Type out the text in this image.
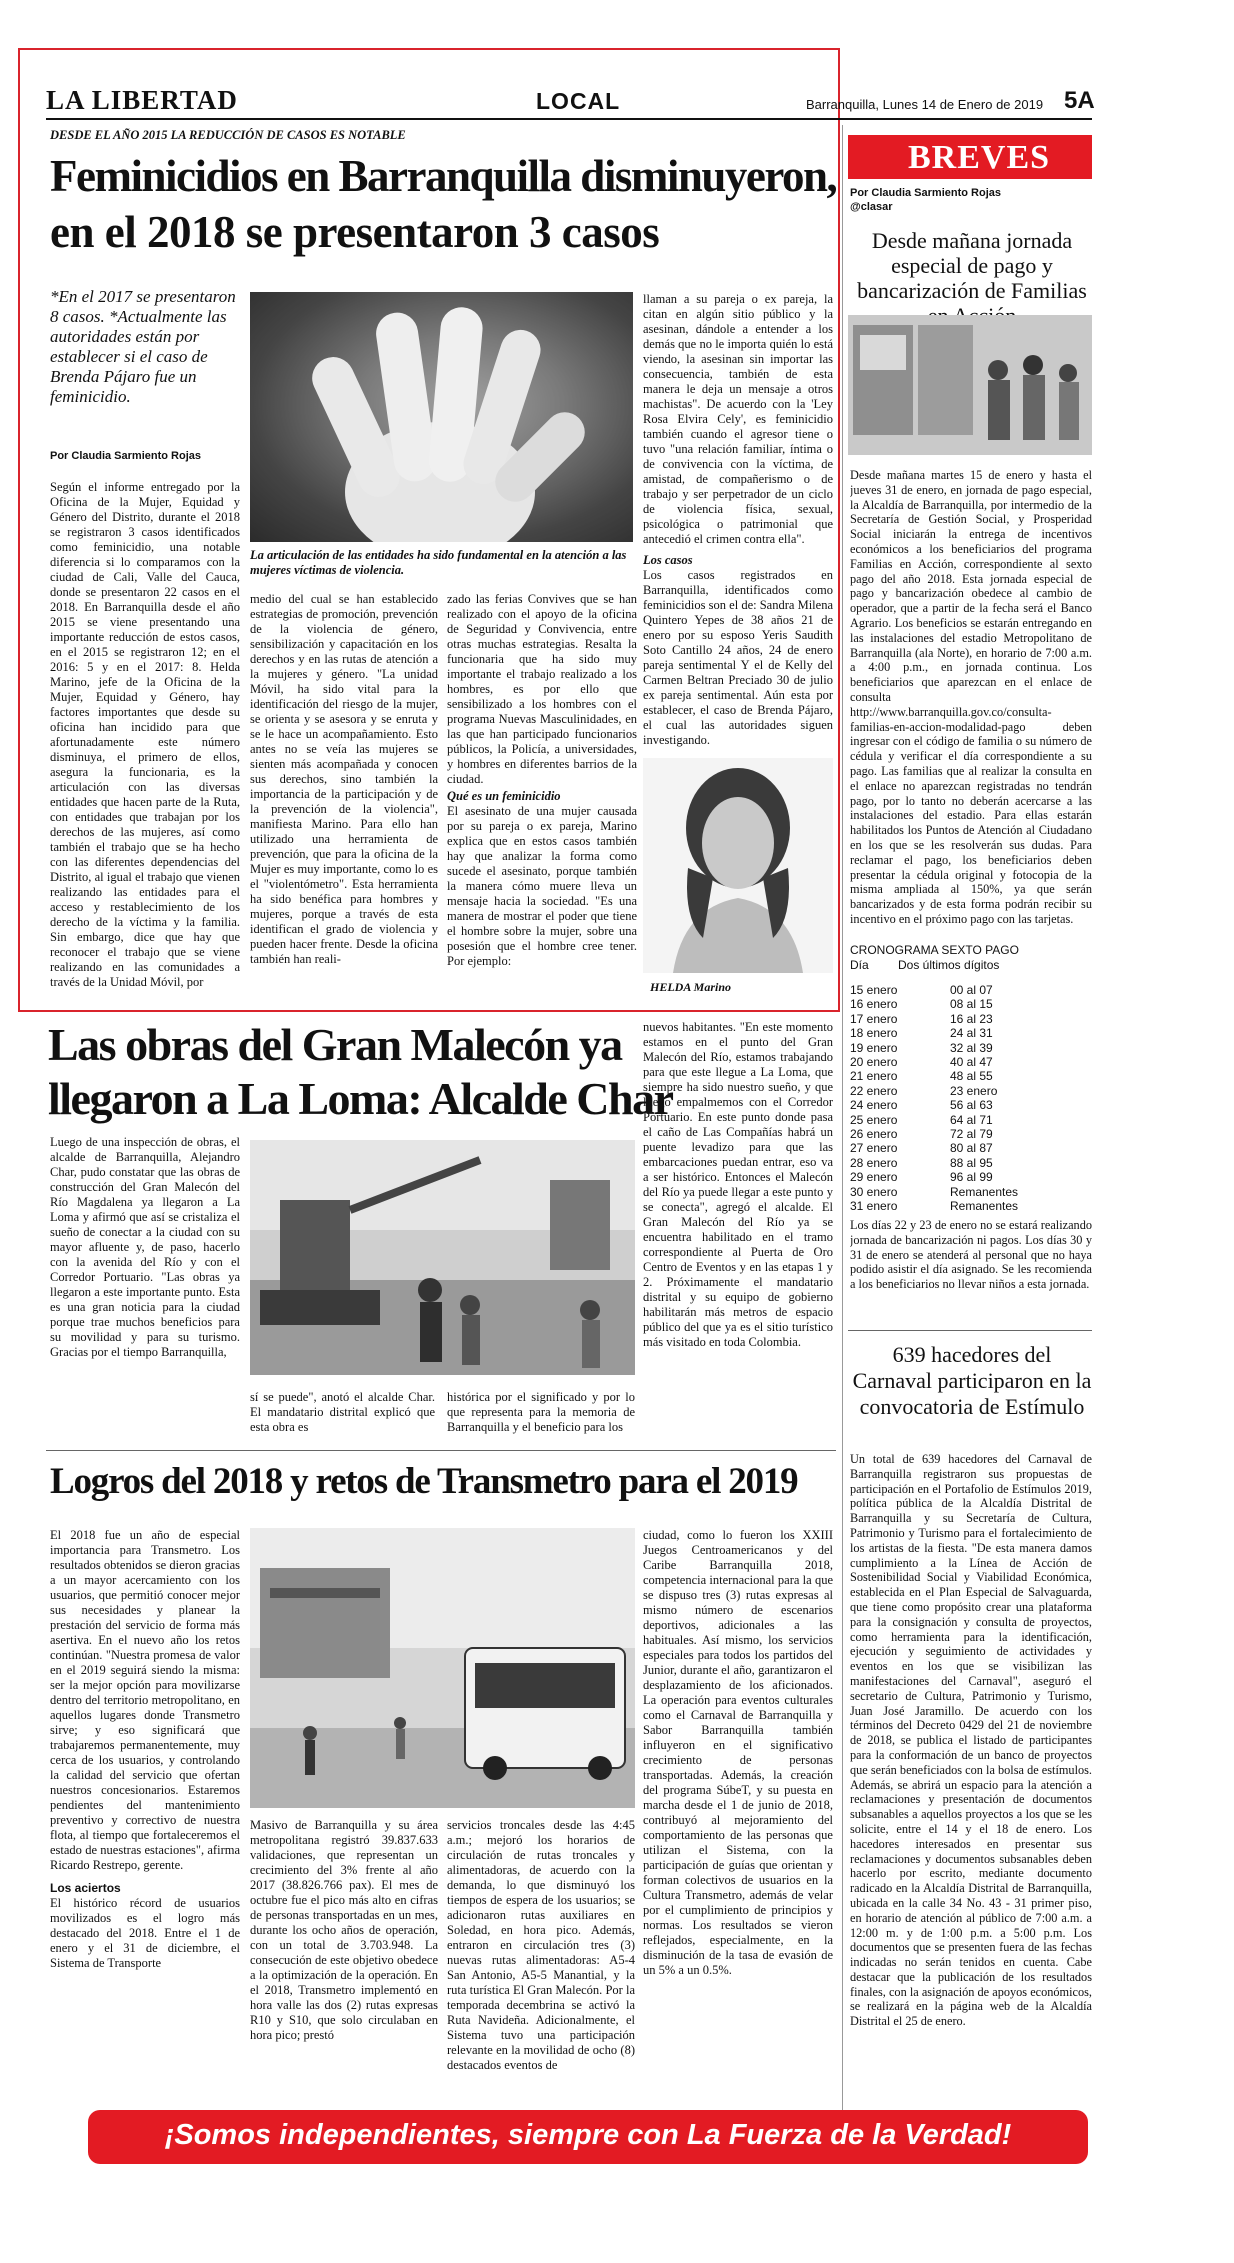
LA LIBERTAD	LOCAL	Barranquilla, Lunes 14 de Enero de 2019 5A
DESDE EL AÑO 2015 LA REDUCCIÓN DE CASOS ES NOTABLE
Feminicidios en Barranquilla disminuyeron,
en el 2018 se presentaron 3 casos
*En el 2017 se presentaron 8 casos. *Actualmente las autoridades están por establecer si el caso de Brenda Pájaro fue un feminicidio.
Por Claudia Sarmiento Rojas
La articulación de las entidades ha sido fundamental en la atención a las mujeres víctimas de violencia.
Según el informe entregado por la Oficina de la Mujer, Equidad y Género del Distrito, durante el 2018 se registraron 3 casos identificados como feminicidio, una notable diferencia si lo comparamos con la ciudad de Cali, Valle del Cauca, donde se presentaron 22 casos en el 2018. En Barranquilla desde el año 2015 se viene presentando una importante reducción de estos casos, en el 2015 se registraron 12; en el 2016: 5 y en el 2017: 8. Helda Marino, jefe de la Oficina de la Mujer, Equidad y Género, hay factores importantes que desde su oficina han incidido para que afortunadamente este número disminuya, el primero de ellos, asegura la funcionaria, es la articulación con las diversas entidades que hacen parte de la Ruta, con entidades que trabajan por los derechos de las mujeres, así como también el trabajo que se ha hecho con las diferentes dependencias del Distrito, al igual el trabajo que vienen realizando las entidades para el acceso y restablecimiento de los derecho de la víctima y la familia. Sin embargo, dice que hay que reconocer el trabajo que se viene realizando en las comunidades a través de la Unidad Móvil, por
medio del cual se han establecido estrategias de promoción, prevención de la violencia de género, sensibilización y capacitación en los derechos y en las rutas de atención a la mujeres y género. "La unidad Móvil, ha sido vital para la identificación del riesgo de la mujer, se orienta y se asesora y se enruta y se le hace un acompañamiento. Esto antes no se veía las mujeres se sienten más acompañada y conocen sus derechos, sino también la importancia de la participación y de la prevención de la violencia", manifiesta Marino. Para ello han utilizado una herramienta de prevención, que para la oficina de la Mujer es muy importante, como lo es el "violentómetro". Esta herramienta ha sido benéfica para hombres y mujeres, porque a través de esta identifican el grado de violencia y pueden hacer frente. Desde la oficina también han reali-

zado las ferias Convives que se han realizado con el apoyo de la oficina de Seguridad y Convivencia, entre otras muchas estrategias. Resalta la funcionaria que ha sido muy importante el trabajo realizado a los hombres, es por ello que sensibilizado a los hombres con el programa Nuevas Masculinidades, en las que han participado funcionarios públicos, la Policía, a universidades, y hombres en diferentes barrios de la ciudad.

Qué es un feminicidio

El asesinato de una mujer causada por su pareja o ex pareja, Marino explica que en estos casos también hay que analizar la forma como sucede el asesinato, porque también la manera cómo muere lleva un mensaje hacia la sociedad. "Es una manera de mostrar el poder que tiene el hombre sobre la mujer, sobre una posesión que el hombre cree tener. Por ejemplo:

llaman a su pareja o ex pareja, la citan en algún sitio público y la asesinan, dándole a entender a los demás que no le importa quién lo está viendo, la asesinan sin importar las consecuencia, también de esta manera le deja un mensaje a otros machistas". De acuerdo con la 'Ley Rosa Elvira Cely', es feminicidio también cuando el agresor tiene o tuvo "una relación familiar, íntima o de convivencia con la víctima, de amistad, de compañerismo o de trabajo y ser perpetrador de un ciclo de violencia física, sexual, psicológica o patrimonial que antecedió el crimen contra ella".

Los casos

Los casos registrados en Barranquilla, identificados como feminicidios son el de: Sandra Milena Quintero Yepes de 38 años 21 de enero por su esposo Yeris Saudith Soto Cantillo 24 años, 24 de enero pareja sentimental Y el de Kelly del Carmen Beltran Preciado 30 de julio ex pareja sentimental. Aún esta por establecer, el caso de Brenda Pájaro, el cual las autoridades siguen investigando.

HELDA Marino
Las obras del Gran Malecón ya
llegaron a La Loma: Alcalde Char
Luego de una inspección de obras, el alcalde de Barranquilla, Alejandro Char, pudo constatar que las obras de construcción del Gran Malecón del Río Magdalena ya llegaron a La Loma y afirmó que así se cristaliza el sueño de conectar a la ciudad con su mayor afluente y, de paso, hacerlo con la avenida del Río y con el Corredor Portuario. "Las obras ya llegaron a este importante punto. Esta es una gran noticia para la ciudad porque trae muchos beneficios para su movilidad y para su turismo. Gracias por el tiempo Barranquilla,
sí se puede", anotó el alcalde Char. El mandatario distrital explicó que esta obra es
histórica por el significado y por lo que representa para la memoria de Barranquilla y el beneficio para los
nuevos habitantes. "En este momento estamos en el punto del Gran Malecón del Río, estamos trabajando para que este llegue a La Loma, que siempre ha sido nuestro sueño, y que luego empalmemos con el Corredor Portuario. En este punto donde pasa el caño de Las Compañías habrá un puente levadizo para que las embarcaciones puedan entrar, eso va a ser histórico. Entonces el Malecón del Río ya puede llegar a este punto y se conecta", agregó el alcalde. El Gran Malecón del Río ya se encuentra habilitado en el tramo correspondiente al Puerta de Oro Centro de Eventos y en las etapas 1 y 2. Próximamente el mandatario distrital y su equipo de gobierno habilitarán más metros de espacio público del que ya es el sitio turístico más visitado en toda Colombia.
Logros del 2018 y retos de Transmetro para el 2019

El 2018 fue un año de especial importancia para Transmetro. Los resultados obtenidos se dieron gracias a un mayor acercamiento con los usuarios, que permitió conocer mejor sus necesidades y planear la prestación del servicio de forma más asertiva. En el nuevo año los retos continúan. "Nuestra promesa de valor en el 2019 seguirá siendo la misma: ser la mejor opción para movilizarse dentro del territorio metropolitano, en aquellos lugares donde Transmetro sirve; y eso significará que trabajaremos permanentemente, muy cerca de los usuarios, y controlando la calidad del servicio que ofertan nuestros concesionarios. Estaremos pendientes del mantenimiento preventivo y correctivo de nuestra flota, al tiempo que fortaleceremos el estado de nuestras estaciones", afirma Ricardo Restrepo, gerente.

Los aciertos

El histórico récord de usuarios movilizados es el logro más destacado del 2018. Entre el 1 de enero y el 31 de diciembre, el Sistema de Transporte

Masivo de Barranquilla y su área metropolitana registró 39.837.633 validaciones, que representan un crecimiento del 3% frente al año 2017 (38.826.766 pax). El mes de octubre fue el pico más alto en cifras de personas transportadas en un mes, durante los ocho años de operación, con un total de 3.703.948. La consecución de este objetivo obedece a la optimización de la operación. En el 2018, Transmetro implementó en hora valle las dos (2) rutas expresas R10 y S10, que solo circulaban en hora pico; prestó
servicios troncales desde las 4:45 a.m.; mejoró los horarios de circulación de rutas troncales y alimentadoras, de acuerdo con la demanda, lo que disminuyó los tiempos de espera de los usuarios; se adicionaron rutas auxiliares en Soledad, en hora pico. Además, entraron en circulación tres (3) nuevas rutas alimentadoras: A5-4 San Antonio, A5-5 Manantial, y la ruta turística El Gran Malecón. Por la temporada decembrina se activó la Ruta Navideña. Adicionalmente, el Sistema tuvo una participación relevante en la movilidad de ocho (8) destacados eventos de
ciudad, como lo fueron los XXIII Juegos Centroamericanos y del Caribe Barranquilla 2018, competencia internacional para la que se dispuso tres (3) rutas expresas al mismo número de escenarios deportivos, adicionales a las habituales. Así mismo, los servicios especiales para todos los partidos del Junior, durante el año, garantizaron el desplazamiento de los aficionados. La operación para eventos culturales como el Carnaval de Barranquilla y Sabor Barranquilla también influyeron en el significativo crecimiento de personas transportadas. Además, la creación del programa SúbeT, y su puesta en marcha desde el 1 de junio de 2018, contribuyó al mejoramiento del comportamiento de las personas que utilizan el Sistema, con la participación de guías que orientan y forman colectivos de usuarios en la Cultura Transmetro, además de velar por el cumplimiento de principios y normas. Los resultados se vieron reflejados, especialmente, en la disminución de la tasa de evasión de un 5% a un 0.5%.
BREVES
Por Claudia Sarmiento Rojas
@clasar
Desde mañana jornada especial de pago y bancarización de Familias
Desde mañana martes 15 de enero y hasta el jueves 31 de enero, en jornada de pago especial, la Alcaldía de Barranquilla, por intermedio de la Secretaría de Gestión Social, y Prosperidad Social iniciarán la entrega de incentivos económicos a los beneficiarios del programa Familias en Acción, correspondiente al sexto pago del año 2018. Esta jornada especial de pago y bancarización obedece al cambio de operador, que a partir de la fecha será el Banco Agrario. Los beneficios se estarán entregando en las instalaciones del estadio Metropolitano de Barranquilla (ala Norte), en horario de 7:00 a.m. a 4:00 p.m., en jornada continua. Los beneficiarios que aparezcan en el enlace de consulta http://www.barranquilla.gov.co/consulta-familias-en-accion-modalidad-pago deben ingresar con el código de familia o su número de cédula y verificar el día correspondiente a su pago. Las familias que al realizar la consulta en el enlace no aparezcan registradas no tendrán pago, por lo tanto no deberán acercarse a las instalaciones del estadio. Para ellas estarán habilitados los Puntos de Atención al Ciudadano en los que se les resolverán sus dudas. Para reclamar el pago, los beneficiarios deben presentar la cédula original y fotocopia de la misma ampliada al 150%, ya que serán bancarizados y de esta forma podrán recibir su incentivo en el próximo pago con las tarjetas.
CRONOGRAMA SEXTO PAGO
Día Dos últimos dígitos
15 enero	00 al 07
16 enero	08 al 15
17 enero	16 al 23
18 enero	24 al 31
19 enero	32 al 39
20 enero	40 al 47
21 enero	48 al 55
22 enero	23 enero
24 enero	56 al 63
25 enero	64 al 71
26 enero	72 al 79
27 enero	80 al 87
28 enero	88 al 95
29 enero	96 al 99
30 enero	Remanentes
31 enero	Remanentes
Los días 22 y 23 de enero no se estará realizando jornada de bancarización ni pagos. Los días 30 y 31 de enero se atenderá al personal que no haya podido asistir el día asignado. Se les recomienda a los beneficiarios no llevar niños a esta jornada.
639 hacedores del Carnaval participaron en la convocatoria de Estímulo
Un total de 639 hacedores del Carnaval de Barranquilla registraron sus propuestas de participación en el Portafolio de Estímulos 2019, política pública de la Alcaldía Distrital de Barranquilla y su Secretaría de Cultura, Patrimonio y Turismo para el fortalecimiento de los artistas de la fiesta. "De esta manera damos cumplimiento a la Línea de Acción de Sostenibilidad Social y Viabilidad Económica, establecida en el Plan Especial de Salvaguarda, que tiene como propósito crear una plataforma para la consignación y consulta de proyectos, como herramienta para la identificación, ejecución y seguimiento de actividades y eventos en los que se visibilizan las manifestaciones del Carnaval", aseguró el secretario de Cultura, Patrimonio y Turismo, Juan José Jaramillo. De acuerdo con los términos del Decreto 0429 del 21 de noviembre de 2018, se publica el listado de participantes para la conformación de un banco de proyectos que serán beneficiados con la bolsa de estímulos. Además, se abrirá un espacio para la atención a reclamaciones y presentación de documentos subsanables a aquellos proyectos a los que se les solicite, entre el 14 y el 18 de enero. Los hacedores interesados en presentar sus reclamaciones y documentos subsanables deben hacerlo por escrito, mediante documento radicado en la Alcaldía Distrital de Barranquilla, ubicada en la calle 34 No. 43 - 31 primer piso, en horario de atención al público de 7:00 a.m. a 12:00 m. y de 1:00 p.m. a 5:00 p.m. Los documentos que se presenten fuera de las fechas indicadas no serán tenidos en cuenta. Cabe destacar que la publicación de los resultados finales, con la asignación de apoyos económicos, se realizará en la página web de la Alcaldía Distrital el 25 de enero.
¡Somos independientes, siempre con La Fuerza de la Verdad!
